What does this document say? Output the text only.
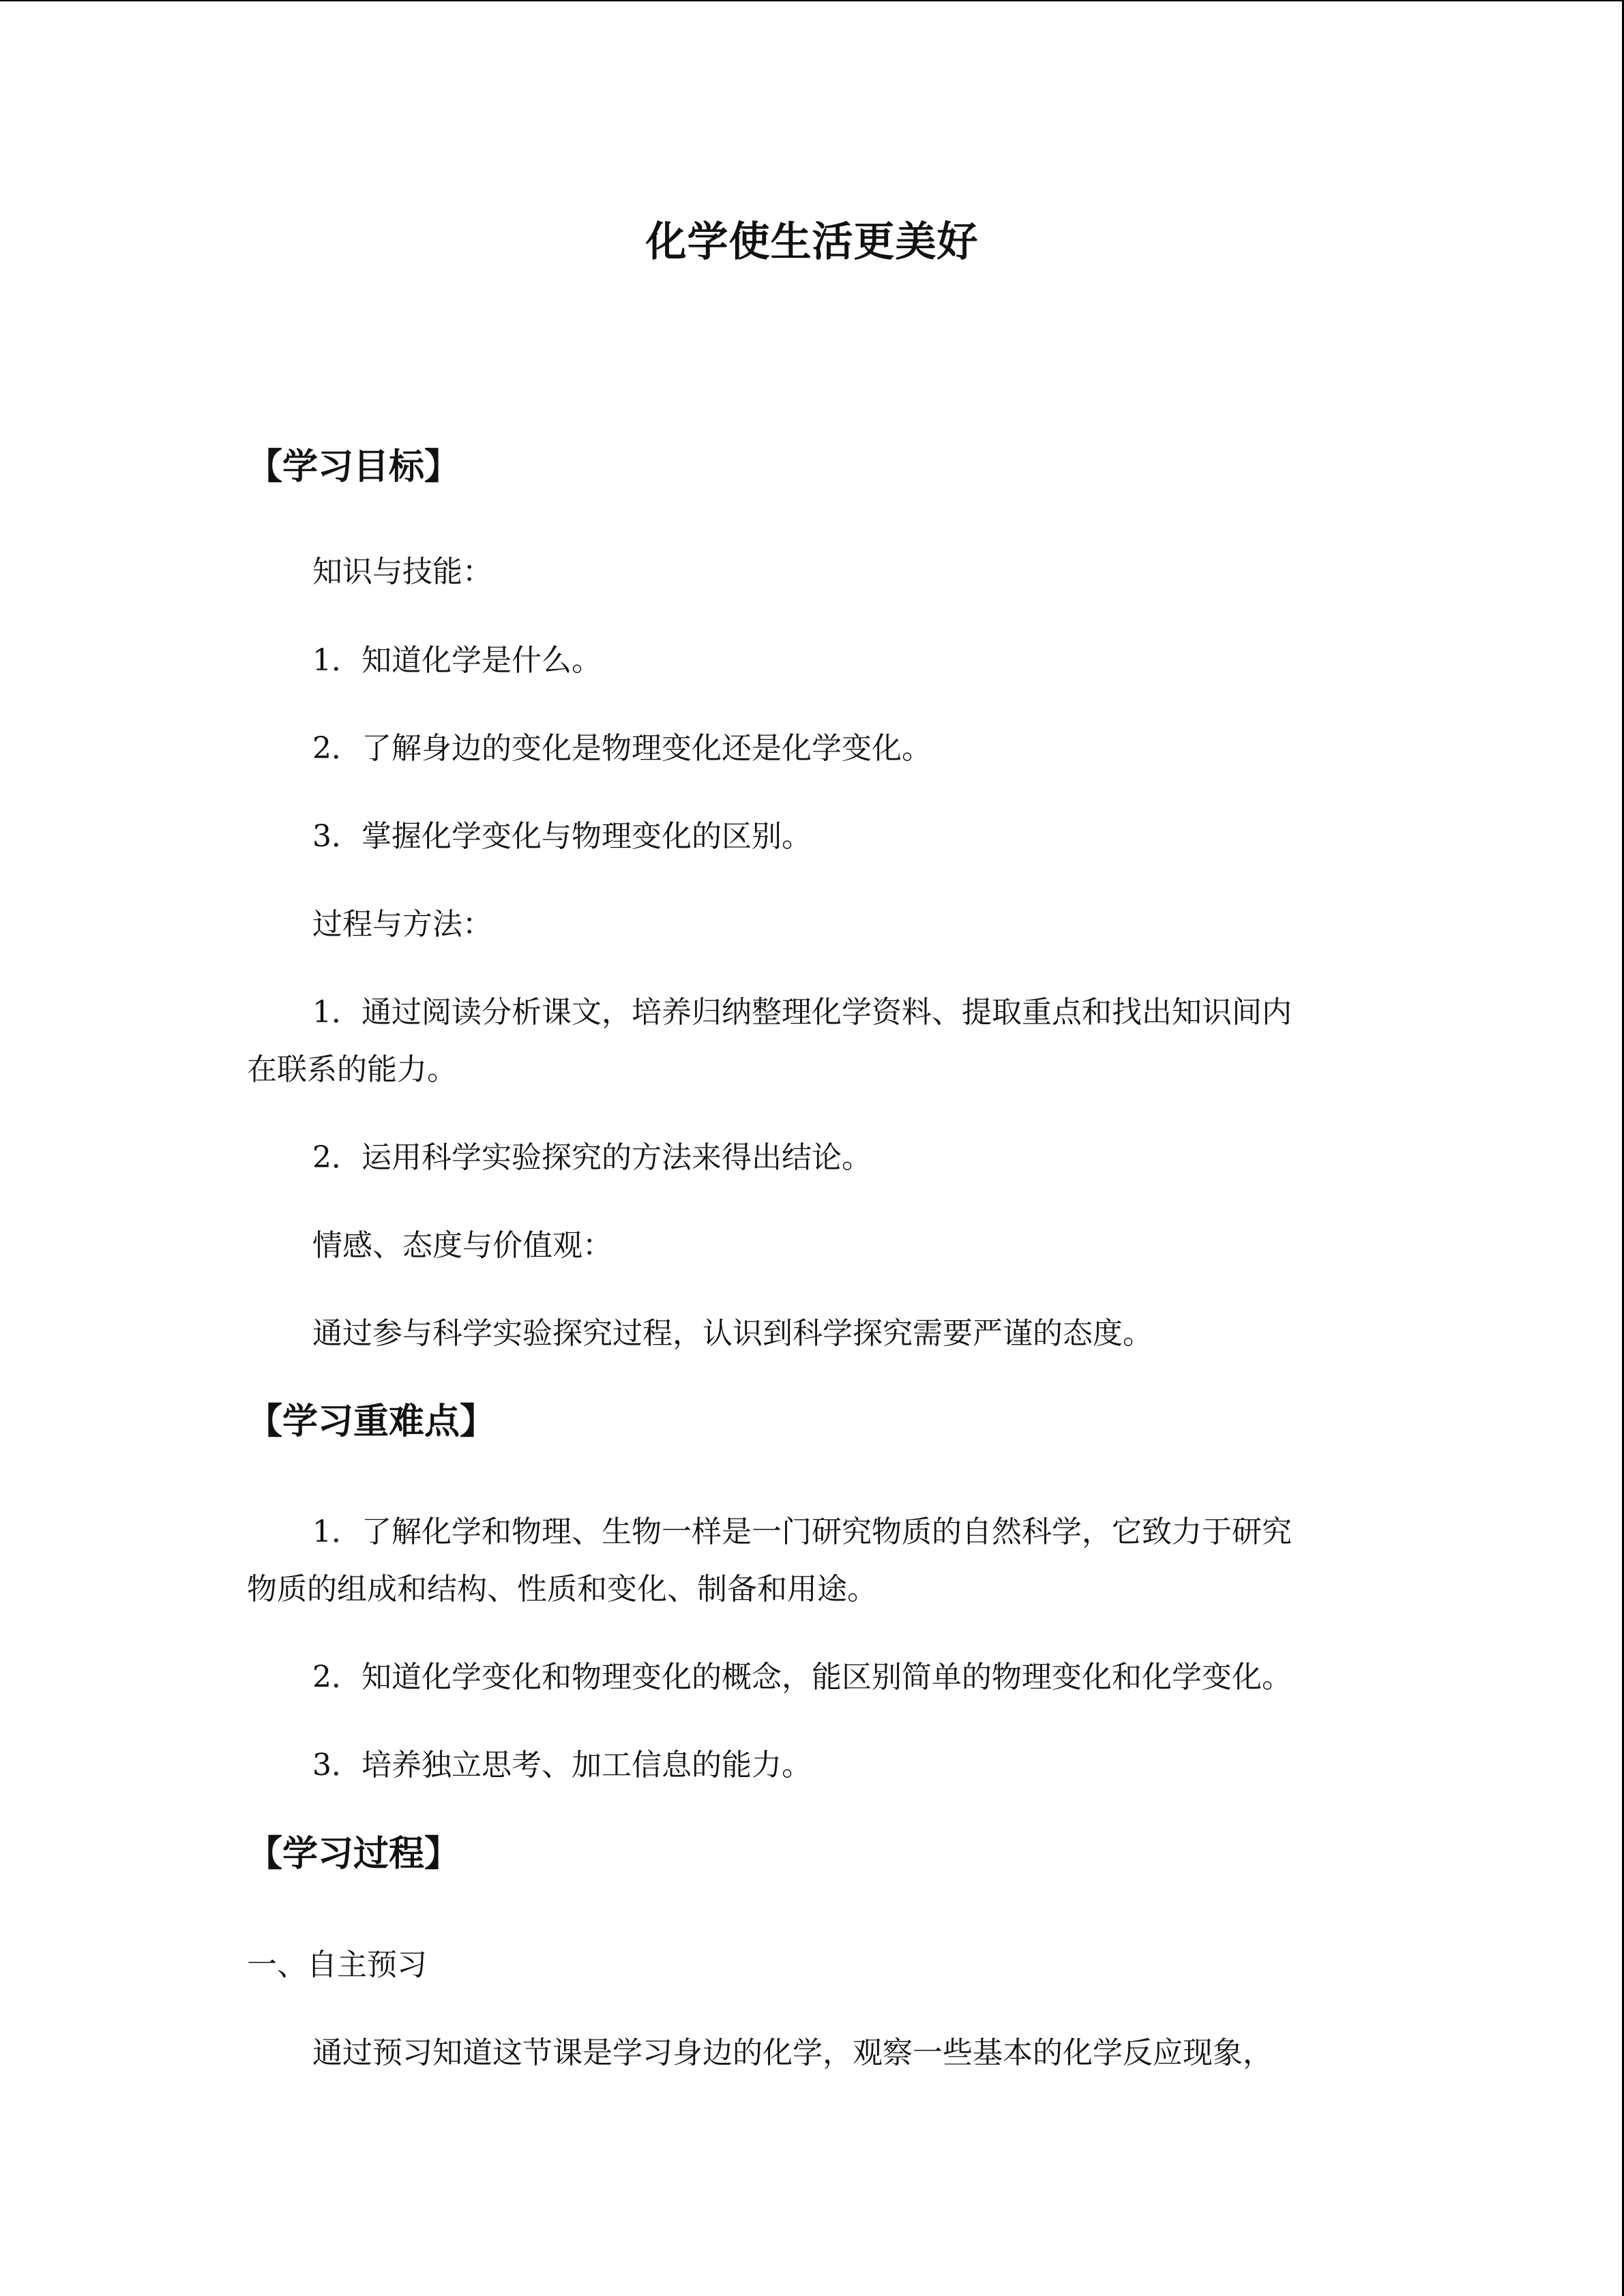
化学使生活更美好
【学习目标】
知识与技能：
1．知道化学是什么。
2．了解身边的变化是物理变化还是化学变化。
3．掌握化学变化与物理变化的区别。
过程与方法：
1．通过阅读分析课文，培养归纳整理化学资料、提取重点和找出知识间内
在联系的能力。
2．运用科学实验探究的方法来得出结论。
情感、态度与价值观：
通过参与科学实验探究过程，认识到科学探究需要严谨的态度。
【学习重难点】
1．了解化学和物理、生物一样是一门研究物质的自然科学，它致力于研究
物质的组成和结构、性质和变化、制备和用途。
2．知道化学变化和物理变化的概念，能区别简单的物理变化和化学变化。
3．培养独立思考、加工信息的能力。
【学习过程】
一、自主预习
通过预习知道这节课是学习身边的化学，观察一些基本的化学反应现象，
